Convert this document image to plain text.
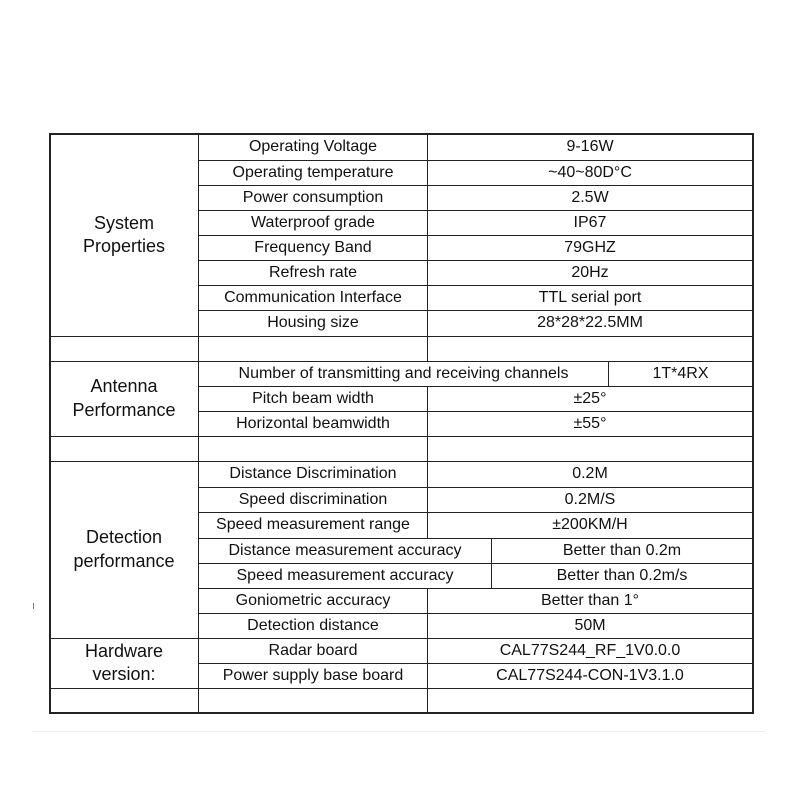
System
Properties
Operating Voltage	9-16W
Operating temperature	~40~80D°C
Power consumption	2.5W
Waterproof grade	IP67
Frequency Band	79GHZ
Refresh rate	20Hz
Communication Interface	TTL serial port
Housing size	28*28*22.5MM
Antenna
Performance
Number of transmitting and receiving channels	1T*4RX
Pitch beam width	±25°
Horizontal beamwidth	±55°
Detection
performance
Distance Discrimination	0.2M
Speed discrimination	0.2M/S
Speed measurement range	±200KM/H
Distance measurement accuracy	Better than 0.2m
Speed measurement accuracy	Better than 0.2m/s
Goniometric accuracy	Better than 1°
Detection distance	50M
Hardware
version:
Radar board	CAL77S244_RF_1V0.0.0
Power supply base board	CAL77S244-CON-1V3.1.0
